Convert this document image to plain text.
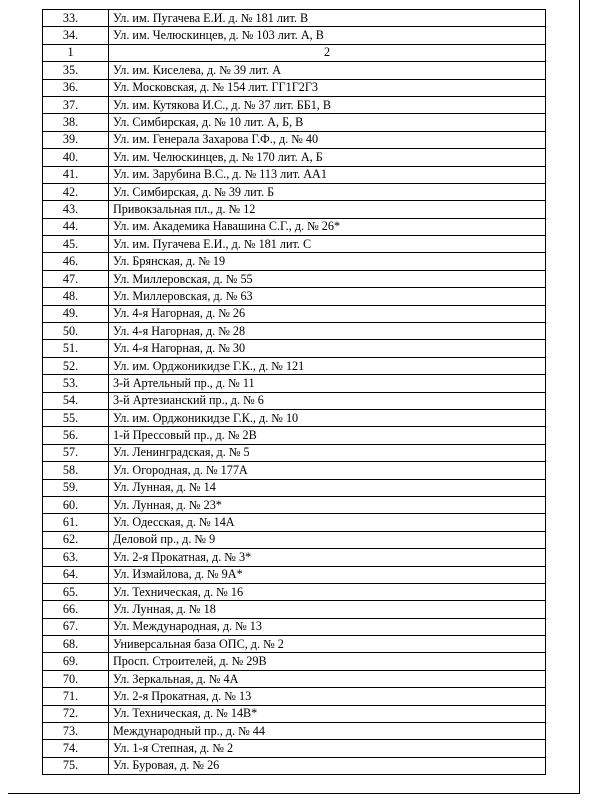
33.	Ул. им. Пугачева Е.И. д. № 181 лит. В
34.	Ул. им. Челюскинцев, д. № 103 лит. А, В
1	2
35.	Ул. им. Киселева, д. № 39 лит. А
36.	Ул. Московская, д. № 154 лит. ГГ1Г2Г3
37.	Ул. им. Кутякова И.С., д. № 37 лит. ББ1, В
38.	Ул. Симбирская, д. № 10 лит. А, Б, В
39.	Ул. им. Генерала Захарова Г.Ф., д. № 40
40.	Ул. им. Челюскинцев, д. № 170 лит. А, Б
41.	Ул. им. Зарубина В.С., д. № 113 лит. АА1
42.	Ул. Симбирская, д. № 39 лит. Б
43.	Привокзальная пл., д. № 12
44.	Ул. им. Академика Навашина С.Г., д. № 26*
45.	Ул. им. Пугачева Е.И., д. № 181 лит. С
46.	Ул. Брянская, д. № 19
47.	Ул. Миллеровская, д. № 55
48.	Ул. Миллеровская, д. № 63
49.	Ул. 4-я Нагорная, д. № 26
50.	Ул. 4-я Нагорная, д. № 28
51.	Ул. 4-я Нагорная, д. № 30
52.	Ул. им. Орджоникидзе Г.К., д. № 121
53.	3-й Артельный пр., д. № 11
54.	3-й Артезианский пр., д. № 6
55.	Ул. им. Орджоникидзе Г.К., д. № 10
56.	1-й Прессовый пр., д. № 2В
57.	Ул. Ленинградская, д. № 5
58.	Ул. Огородная, д. № 177А
59.	Ул. Лунная, д. № 14
60.	Ул. Лунная, д. № 23*
61.	Ул. Одесская, д. № 14А
62.	Деловой пр., д. № 9
63.	Ул. 2-я Прокатная, д. № 3*
64.	Ул. Измайлова, д. № 9А*
65.	Ул. Техническая, д. № 16
66.	Ул. Лунная, д. № 18
67.	Ул. Международная, д. № 13
68.	Универсальная база ОПС, д. № 2
69.	Просп. Строителей, д. № 29В
70.	Ул. Зеркальная, д. № 4А
71.	Ул. 2-я Прокатная, д. № 13
72.	Ул. Техническая, д. № 14В*
73.	Международный пр., д. № 44
74.	Ул. 1-я Степная, д. № 2
75.	Ул. Буровая, д. № 26
